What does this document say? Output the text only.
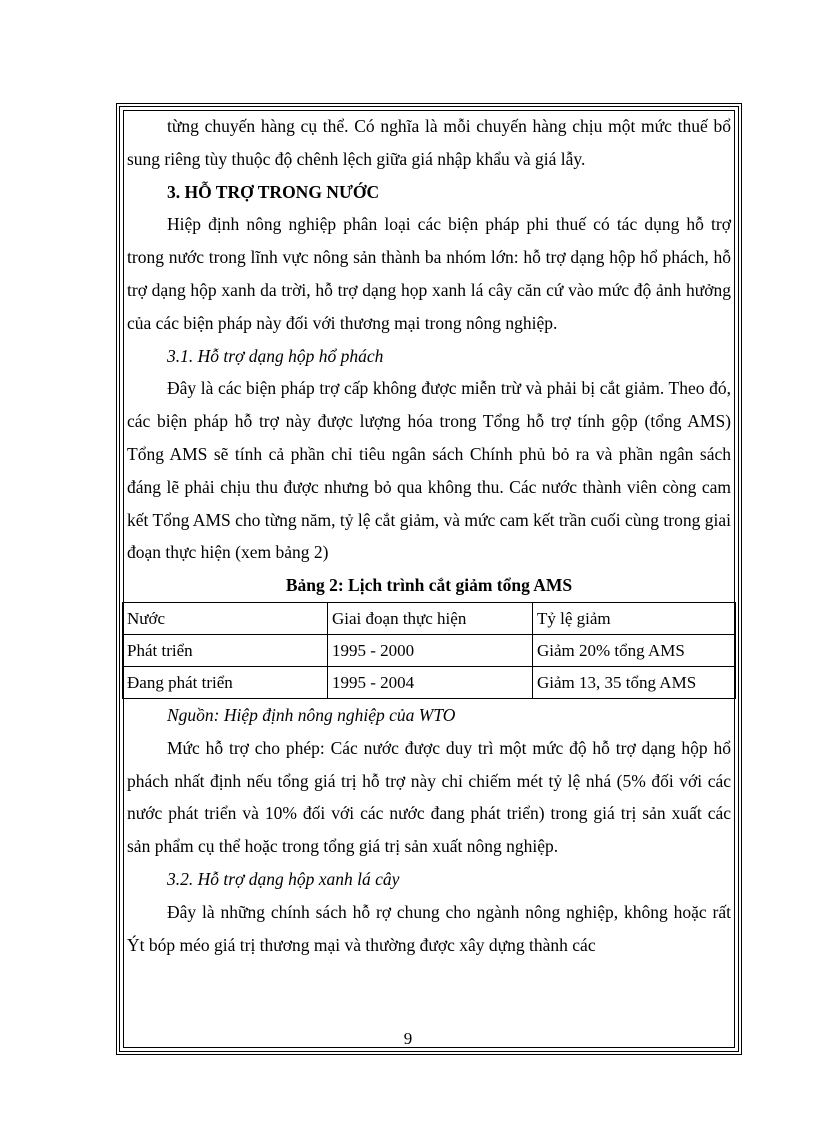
từng chuyến hàng cụ thể. Có nghĩa là mỗi chuyến hàng chịu một mức thuế bổ sung riêng tùy thuộc độ chênh lệch giữa giá nhập khẩu và giá lẫy.

3. HỖ TRỢ TRONG NƯỚC

Hiệp định nông nghiệp phân loại các biện pháp phi thuế có tác dụng hỗ trợ trong nước trong lĩnh vực nông sản thành ba nhóm lớn: hỗ trợ dạng hộp hổ phách, hỗ trợ dạng hộp xanh da trời, hỗ trợ dạng họp xanh lá cây căn cứ vào mức độ ảnh hưởng của các biện pháp này đối với thương mại trong nông nghiệp.

3.1. Hỗ trợ dạng hộp hổ phách

Đây là các biện pháp trợ cấp không được miễn trừ và phải bị cắt giảm. Theo đó, các biện pháp hỗ trợ này được lượng hóa trong Tổng hỗ trợ tính gộp (tổng AMS) Tổng AMS sẽ tính cả phần chỉ tiêu ngân sách Chính phủ bỏ ra và phần ngân sách đáng lẽ phải chịu thu được nhưng bỏ qua không thu. Các nước thành viên còng cam kết Tổng AMS cho từng năm, tỷ lệ cắt giảm, và mức cam kết trần cuối cùng trong giai đoạn thực hiện (xem bảng 2)

Bảng 2: Lịch trình cắt giảm tổng AMS

Nước	Giai đoạn thực hiện	Tỷ lệ giảm
Phát triển	1995 - 2000	Giảm 20% tổng AMS
Đang phát triển	1995 - 2004	Giảm 13, 35 tổng AMS

Nguồn: Hiệp định nông nghiệp của WTO

Mức hỗ trợ cho phép: Các nước được duy trì một mức độ hỗ trợ dạng hộp hổ phách nhất định nếu tổng giá trị hỗ trợ này chỉ chiếm mét tỷ lệ nhá (5% đối với các nước phát triển và 10% đối với các nước đang phát triển) trong giá trị sản xuất các sản phẩm cụ thể hoặc trong tổng giá trị sản xuất nông nghiệp.

3.2. Hỗ trợ dạng hộp xanh lá cây

Đây là những chính sách hỗ rợ chung cho ngành nông nghiệp, không hoặc rất Ýt bóp méo giá trị thương mại và thường được xây dựng thành các

9
